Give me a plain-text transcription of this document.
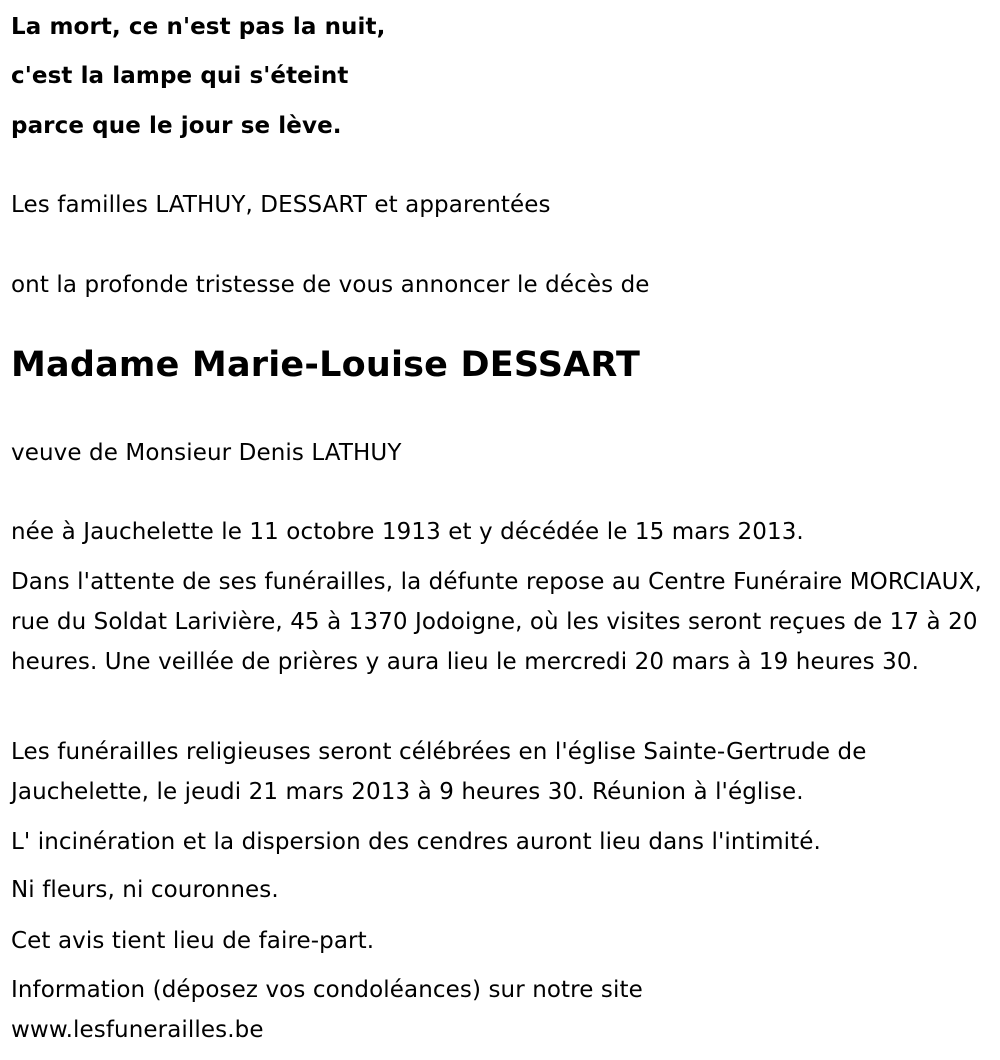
La mort, ce n'est pas la nuit,
c'est la lampe qui s'éteint
parce que le jour se lève.
Les familles LATHUY, DESSART et apparentées
ont la profonde tristesse de vous annoncer le décès de
Madame Marie-Louise DESSART
veuve de Monsieur Denis LATHUY
née à Jauchelette le 11 octobre 1913 et y décédée le 15 mars 2013.
Dans l'attente de ses funérailles, la défunte repose au Centre Funéraire MORCIAUX, rue du Soldat Larivière, 45 à 1370 Jodoigne, où les visites seront reçues de 17 à 20 heures. Une veillée de prières y aura lieu le mercredi 20 mars à 19 heures 30.
Les funérailles religieuses seront célébrées en l'église Sainte-Gertrude de Jauchelette, le jeudi 21 mars 2013 à 9 heures 30. Réunion à l'église.
L' incinération et la dispersion des cendres auront lieu dans l'intimité.
Ni fleurs, ni couronnes.
Cet avis tient lieu de faire-part.
Information (déposez vos condoléances) sur notre site
www.lesfunerailles.be
